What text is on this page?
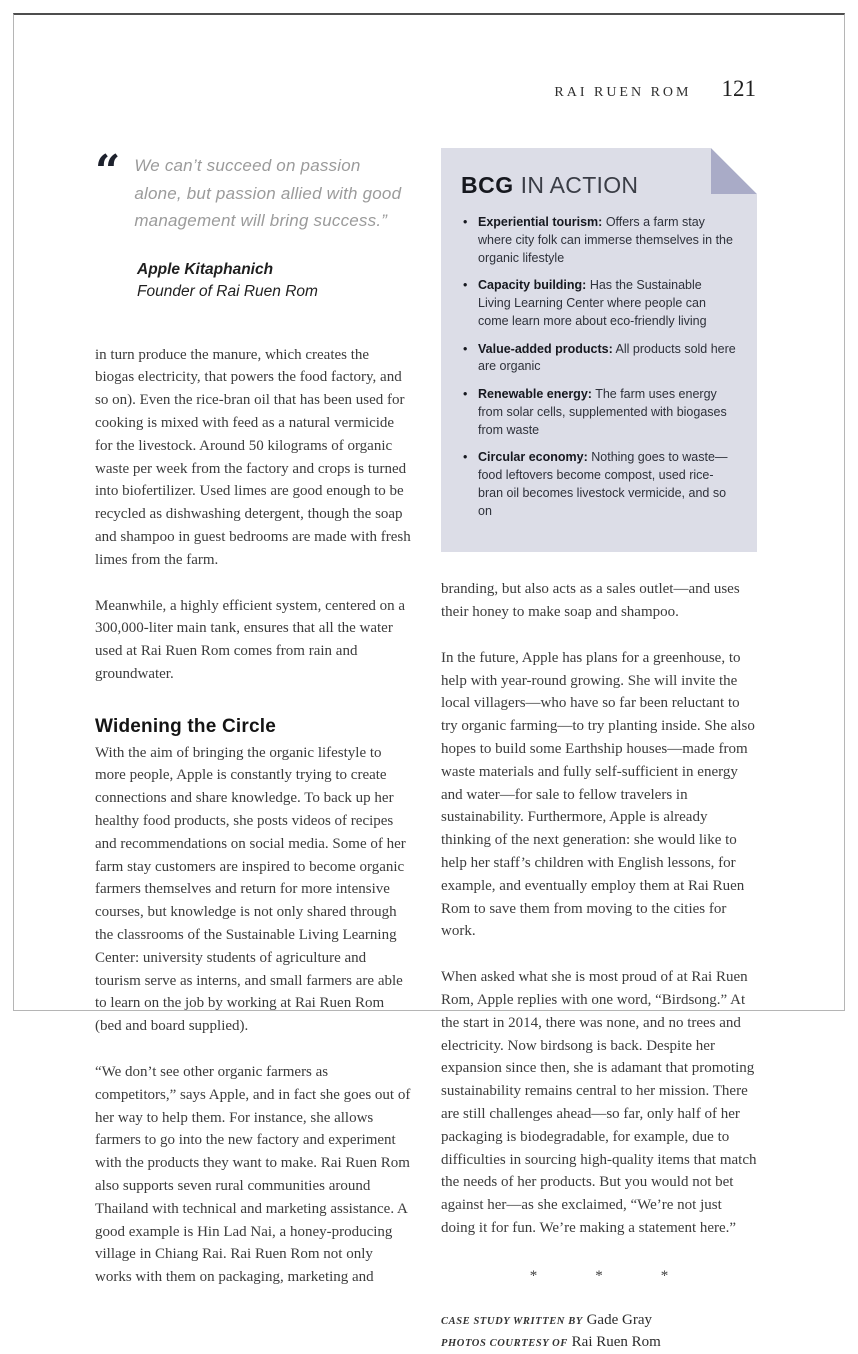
RAI RUEN ROM 121
“ We can’t succeed on passion alone, but passion allied with good management will bring success.”
Apple Kitaphanich
Founder of Rai Ruen Rom

in turn produce the manure, which creates the biogas electricity, that powers the food factory, and so on). Even the rice-bran oil that has been used for cooking is mixed with feed as a natural vermicide for the livestock. Around 50 kilograms of organic waste per week from the factory and crops is turned into biofertilizer. Used limes are good enough to be recycled as dishwashing detergent, though the soap and shampoo in guest bedrooms are made with fresh limes from the farm.

Meanwhile, a highly efficient system, centered on a 300,000-liter main tank, ensures that all the water used at Rai Ruen Rom comes from rain and groundwater.

Widening the Circle

With the aim of bringing the organic lifestyle to more people, Apple is constantly trying to create connections and share knowledge. To back up her healthy food products, she posts videos of recipes and recommendations on social media. Some of her farm stay customers are inspired to become organic farmers themselves and return for more intensive courses, but knowledge is not only shared through the classrooms of the Sustainable Living Learning Center: university students of agriculture and tourism serve as interns, and small farmers are able to learn on the job by working at Rai Ruen Rom (bed and board supplied).

“We don’t see other organic farmers as competitors,” says Apple, and in fact she goes out of her way to help them. For instance, she allows farmers to go into the new factory and experiment with the products they want to make. Rai Ruen Rom also supports seven rural communities around Thailand with technical and marketing assistance. A good example is Hin Lad Nai, a honey-producing village in Chiang Rai. Rai Ruen Rom not only works with them on packaging, marketing and

BCG IN ACTION
• Experiential tourism: Offers a farm stay where city folk can immerse themselves in the organic lifestyle
• Capacity building: Has the Sustainable Living Learning Center where people can come learn more about eco-friendly living
• Value-added products: All products sold here are organic
• Renewable energy: The farm uses energy from solar cells, supplemented with biogases from waste
• Circular economy: Nothing goes to waste—food leftovers become compost, used rice-bran oil becomes livestock vermicide, and so on

branding, but also acts as a sales outlet—and uses their honey to make soap and shampoo.

In the future, Apple has plans for a greenhouse, to help with year-round growing. She will invite the local villagers—who have so far been reluctant to try organic farming—to try planting inside. She also hopes to build some Earthship houses—made from waste materials and fully self-sufficient in energy and water—for sale to fellow travelers in sustainability. Furthermore, Apple is already thinking of the next generation: she would like to help her staff’s children with English lessons, for example, and eventually employ them at Rai Ruen Rom to save them from moving to the cities for work.

When asked what she is most proud of at Rai Ruen Rom, Apple replies with one word, “Birdsong.” At the start in 2014, there was none, and no trees and electricity. Now birdsong is back. Despite her expansion since then, she is adamant that promoting sustainability remains central to her mission. There are still challenges ahead—so far, only half of her packaging is biodegradable, for example, due to difficulties in sourcing high-quality items that match the needs of her products. But you would not bet against her—as she exclaimed, “We’re not just doing it for fun. We’re making a statement here.”

*	*	*
CASE STUDY WRITTEN BY Gade Gray
PHOTOS COURTESY OF Rai Ruen Rom
